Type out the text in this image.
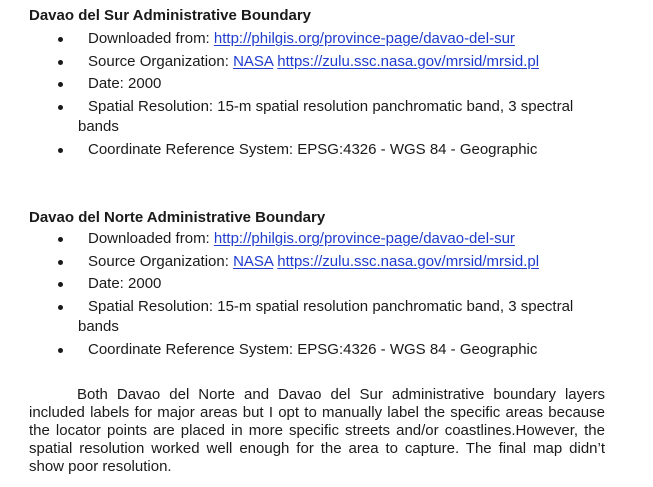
Davao del Sur Administrative Boundary
Downloaded from: http://philgis.org/province-page/davao-del-sur
Source Organization: NASA https://zulu.ssc.nasa.gov/mrsid/mrsid.pl
Date: 2000
Spatial Resolution: 15-m spatial resolution panchromatic band, 3 spectral bands
Coordinate Reference System: EPSG:4326 - WGS 84 - Geographic
Davao del Norte Administrative Boundary
Downloaded from: http://philgis.org/province-page/davao-del-sur
Source Organization: NASA https://zulu.ssc.nasa.gov/mrsid/mrsid.pl
Date: 2000
Spatial Resolution: 15-m spatial resolution panchromatic band, 3 spectral bands
Coordinate Reference System: EPSG:4326 - WGS 84 - Geographic

Both Davao del Norte and Davao del Sur administrative boundary layers included labels for major areas but I opt to manually label the specific areas because the locator points are placed in more specific streets and/or coastlines.However, the spatial resolution worked well enough for the area to capture. The final map didn’t show poor resolution.
